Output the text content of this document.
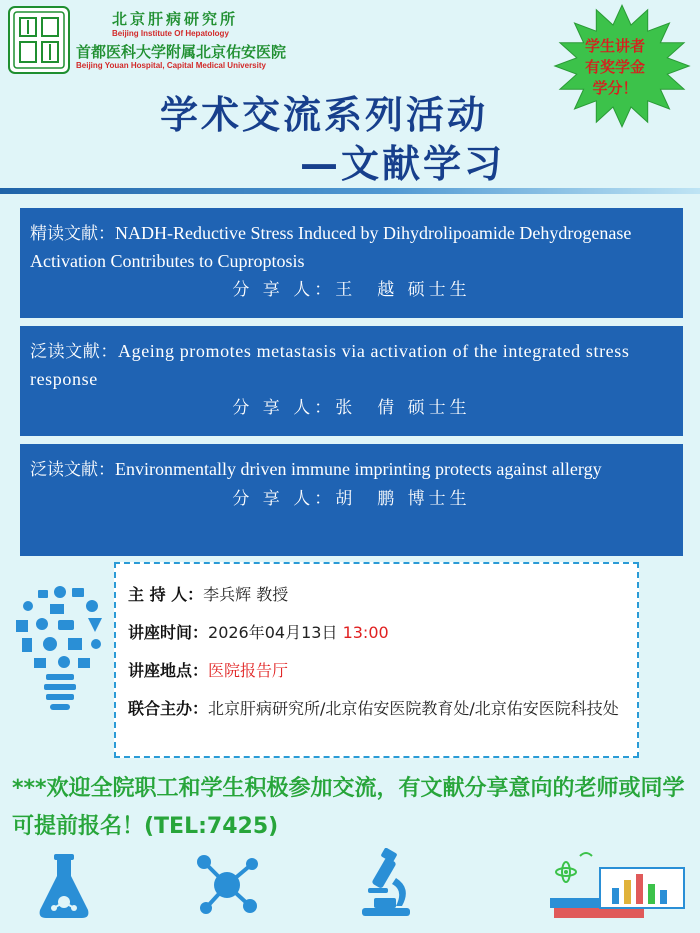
北京肝病研究所
Beijing Institute Of Hepatology
首都医科大学附属北京佑安医院
Beijing Youan Hospital, Capital Medical University
学生讲者
有奖学金
学分！
学术交流系列活动
—文献学习
精读文献：NADH-Reductive Stress Induced by Dihydrolipoamide Dehydrogenase Activation Contributes to Cuproptosis
分 享 人：王　越 硕士生
泛读文献：Ageing promotes metastasis via activation of the integrated stress response
分 享 人：张　倩 硕士生
泛读文献：Environmentally driven immune imprinting protects against allergy
分 享 人：胡　鹏 博士生
主 持 人：李兵辉 教授
讲座时间：2026年04月13日 13:00
讲座地点：医院报告厅
联合主办：北京肝病研究所/北京佑安医院教育处/北京佑安医院科技处
***欢迎全院职工和学生积极参加交流，有文献分享意向的老师或同学可提前报名！(TEL:7425)
